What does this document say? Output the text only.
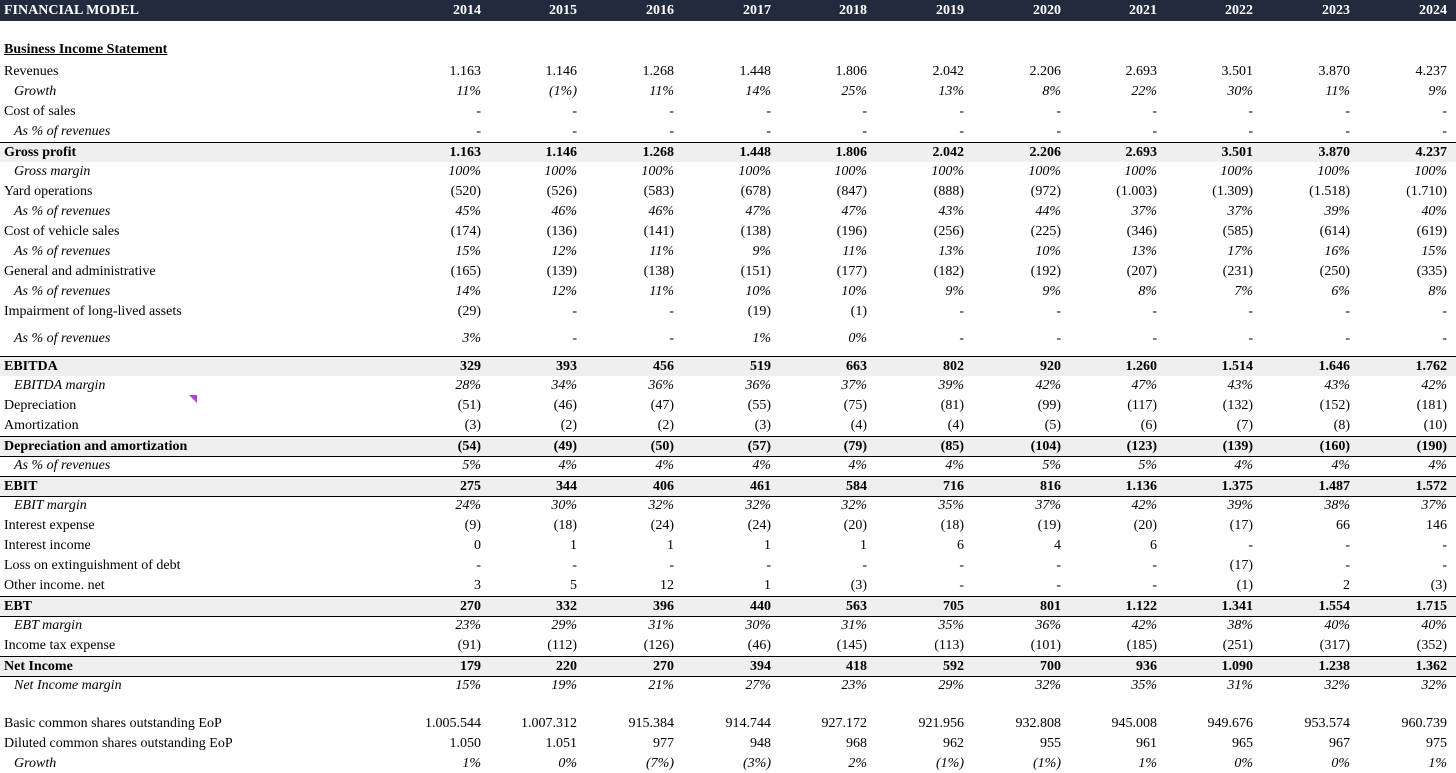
FINANCIAL MODEL	2014	2015	2016	2017	2018	2019	2020	2021	2022	2023	2024
Business Income Statement
Revenues	1.163	1.146	1.268	1.448	1.806	2.042	2.206	2.693	3.501	3.870	4.237
Growth	11%	(1%)	11%	14%	25%	13%	8%	22%	30%	11%	9%
Cost of sales	-	-	-	-	-	-	-	-	-	-	-
As % of revenues	-	-	-	-	-	-	-	-	-	-	-
Gross profit	1.163	1.146	1.268	1.448	1.806	2.042	2.206	2.693	3.501	3.870	4.237
Gross margin	100%	100%	100%	100%	100%	100%	100%	100%	100%	100%	100%
Yard operations	(520)	(526)	(583)	(678)	(847)	(888)	(972)	(1.003)	(1.309)	(1.518)	(1.710)
As % of revenues	45%	46%	46%	47%	47%	43%	44%	37%	37%	39%	40%
Cost of vehicle sales	(174)	(136)	(141)	(138)	(196)	(256)	(225)	(346)	(585)	(614)	(619)
As % of revenues	15%	12%	11%	9%	11%	13%	10%	13%	17%	16%	15%
General and administrative	(165)	(139)	(138)	(151)	(177)	(182)	(192)	(207)	(231)	(250)	(335)
As % of revenues	14%	12%	11%	10%	10%	9%	9%	8%	7%	6%	8%
Impairment of long-lived assets	(29)	-	-	(19)	(1)	-	-	-	-	-	-
As % of revenues	3%	-	-	1%	0%	-	-	-	-	-	-
EBITDA	329	393	456	519	663	802	920	1.260	1.514	1.646	1.762
EBITDA margin	28%	34%	36%	36%	37%	39%	42%	47%	43%	43%	42%
Depreciation	(51)	(46)	(47)	(55)	(75)	(81)	(99)	(117)	(132)	(152)	(181)
Amortization	(3)	(2)	(2)	(3)	(4)	(4)	(5)	(6)	(7)	(8)	(10)
Depreciation and amortization	(54)	(49)	(50)	(57)	(79)	(85)	(104)	(123)	(139)	(160)	(190)
As % of revenues	5%	4%	4%	4%	4%	4%	5%	5%	4%	4%	4%
EBIT	275	344	406	461	584	716	816	1.136	1.375	1.487	1.572
EBIT margin	24%	30%	32%	32%	32%	35%	37%	42%	39%	38%	37%
Interest expense	(9)	(18)	(24)	(24)	(20)	(18)	(19)	(20)	(17)	66	146
Interest income	0	1	1	1	1	6	4	6	-	-	-
Loss on extinguishment of debt	-	-	-	-	-	-	-	-	(17)	-	-
Other income. net	3	5	12	1	(3)	-	-	-	(1)	2	(3)
EBT	270	332	396	440	563	705	801	1.122	1.341	1.554	1.715
EBT margin	23%	29%	31%	30%	31%	35%	36%	42%	38%	40%	40%
Income tax expense	(91)	(112)	(126)	(46)	(145)	(113)	(101)	(185)	(251)	(317)	(352)
Net Income	179	220	270	394	418	592	700	936	1.090	1.238	1.362
Net Income margin	15%	19%	21%	27%	23%	29%	32%	35%	31%	32%	32%
Basic common shares outstanding EoP	1.005.544	1.007.312	915.384	914.744	927.172	921.956	932.808	945.008	949.676	953.574	960.739
Diluted common shares outstanding EoP	1.050	1.051	977	948	968	962	955	961	965	967	975
Growth	1%	0%	(7%)	(3%)	2%	(1%)	(1%)	1%	0%	0%	1%
